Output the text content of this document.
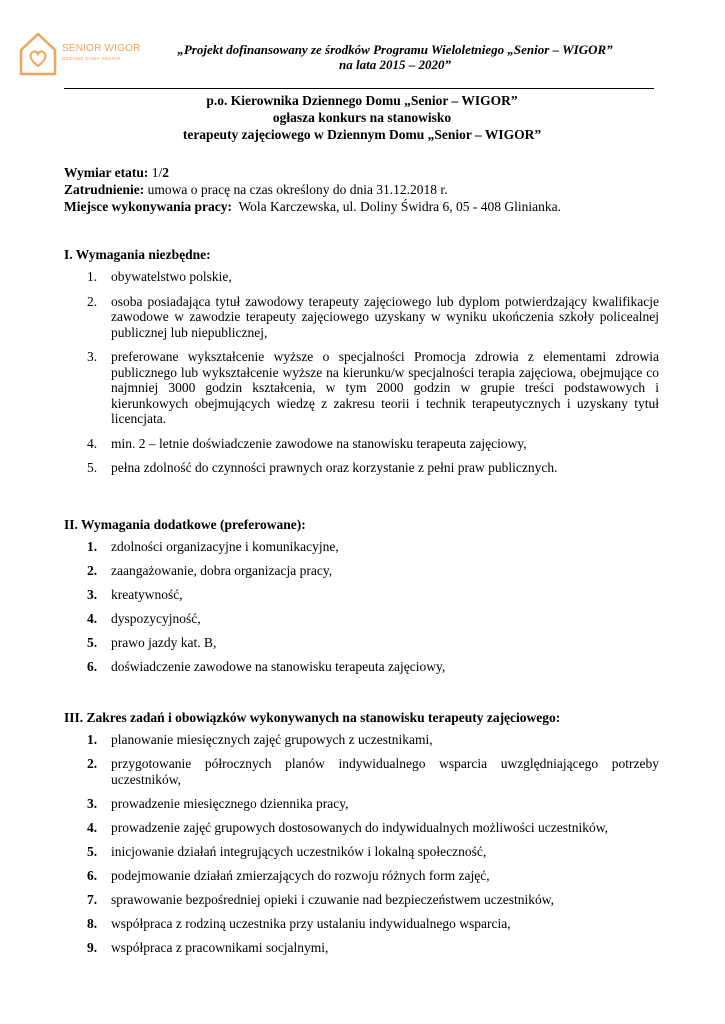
SENIOR WIGOR
DZIENNE DOMY SENIOR
„Projekt dofinansowany ze środków Programu Wieloletniego „Senior – WIGOR”
na lata 2015 – 2020”
p.o. Kierownika Dziennego Domu „Senior – WIGOR”
ogłasza konkurs na stanowisko
terapeuty zajęciowego w Dziennym Domu „Senior – WIGOR”
Wymiar etatu: 1/2
Zatrudnienie: umowa o pracę na czas określony do dnia 31.12.2018 r.
Miejsce wykonywania pracy: Wola Karczewska, ul. Doliny Świdra 6, 05 - 408 Glinianka.
I. Wymagania niezbędne:
1. obywatelstwo polskie,
2. osoba posiadająca tytuł zawodowy terapeuty zajęciowego lub dyplom potwierdzający kwalifikacje zawodowe w zawodzie terapeuty zajęciowego uzyskany w wyniku ukończenia szkoły policealnej publicznej lub niepublicznej,
3. preferowane wykształcenie wyższe o specjalności Promocja zdrowia z elementami zdrowia publicznego lub wykształcenie wyższe na kierunku/w specjalności terapia zajęciowa, obejmujące co najmniej 3000 godzin kształcenia, w tym 2000 godzin w grupie treści podstawowych i kierunkowych obejmujących wiedzę z zakresu teorii i technik terapeutycznych i uzyskany tytuł licencjata.
4. min. 2 – letnie doświadczenie zawodowe na stanowisku terapeuta zajęciowy,
5. pełna zdolność do czynności prawnych oraz korzystanie z pełni praw publicznych.
II. Wymagania dodatkowe (preferowane):
1. zdolności organizacyjne i komunikacyjne,
2. zaangażowanie, dobra organizacja pracy,
3. kreatywność,
4. dyspozycyjność,
5. prawo jazdy kat. B,
6. doświadczenie zawodowe na stanowisku terapeuta zajęciowy,
III. Zakres zadań i obowiązków wykonywanych na stanowisku terapeuty zajęciowego:
1. planowanie miesięcznych zajęć grupowych z uczestnikami,
2. przygotowanie półrocznych planów indywidualnego wsparcia uwzględniającego potrzeby uczestników,
3. prowadzenie miesięcznego dziennika pracy,
4. prowadzenie zajęć grupowych dostosowanych do indywidualnych możliwości uczestników,
5. inicjowanie działań integrujących uczestników i lokalną społeczność,
6. podejmowanie działań zmierzających do rozwoju różnych form zajęć,
7. sprawowanie bezpośredniej opieki i czuwanie nad bezpieczeństwem uczestników,
8. współpraca z rodziną uczestnika przy ustalaniu indywidualnego wsparcia,
9. współpraca z pracownikami socjalnymi,
